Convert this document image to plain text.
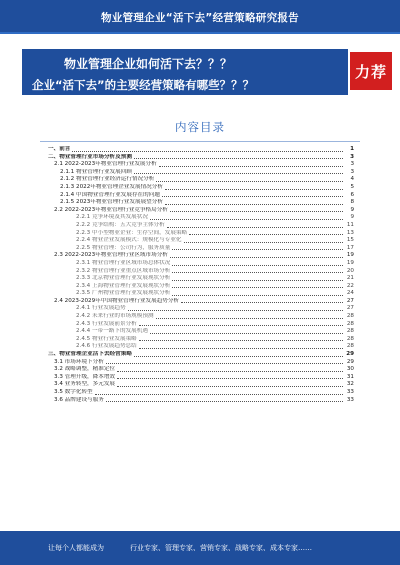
物业管理企业“活下去”经营策略研究报告
物业管理企业如何活下去？？？
企业“活下去”的主要经营策略有哪些？？？
力荐
内容目录
一、前言	1
二、物业管理行业市场分析及预测	3
2.1 2022-2023年物业管理行业发展分析	3
2.1.1 物业管理行业发展回顾	3
2.1.2 物业管理行业经济运行情况分析	4
2.1.3 2022年物业管理企业发展情况分析	5
2.1.4 中国物业管理行业发展存在的问题	6
2.1.5 2023年物业管理行业发展展望分析	8
2.2 2022-2023年物业管理行业竞争格局分析	9
2.2.1 竞争环境及其发展状况	9
2.2.2 竞争结构：五大竞争主体分析	11
2.2.3 中小型物业企业：生存空间，发展策略	13
2.2.4 物业企业发展模式：规模化与专业化	15
2.2.5 物业管理：公司行为，服务质量	17
2.3 2022-2023年物业管理行业区域市场分析	19
2.3.1 物业管理行业区域市场总体状况	19
2.3.2 物业管理行业重点区域市场分析	20
2.3.3 北京物业管理行业发展现状分析	21
2.3.4 上海物业管理行业发展现状分析	22
2.3.5 广州物业管理行业发展现状分析	24
2.4 2023-2029年中国物业管理行业发展趋势分析	27
2.4.1 行业发展趋势	27
2.4.2 未来行业的市场规模预测	28
2.4.3 行业发展前景分析	28
2.4.4 一带一路下的发展机遇	28
2.4.5 物业行业发展策略	28
2.4.6 行业发展趋势总结	28
三、物业管理企业活下去经营策略	29
3.1 市场环境下分析	29
3.2 战略调整，精准定位	30
3.3 管理升级，降本增效	31
3.4 业务转型，多元发展	32
3.5 数字化转型	33
3.6 品牌建设与服务	33
让每个人都能成为	行业专家、管理专家、营销专家、战略专家、成本专家……
